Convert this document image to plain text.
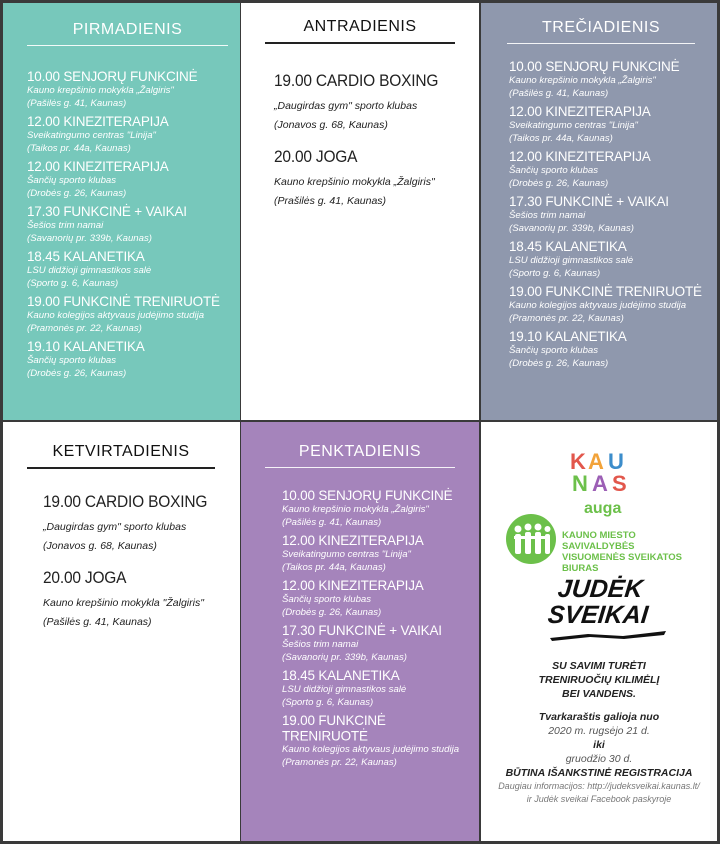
PIRMADIENIS
10.00 SENJORŲ FUNKCINĖ
Kauno krepšinio mokykla „Žalgiris"
(Pašilės g. 41, Kaunas)
12.00 KINEZITERAPIJA
Sveikatingumo centras "Linija"
(Taikos pr. 44a, Kaunas)
12.00 KINEZITERAPIJA
Šančių sporto klubas
(Drobės g. 26, Kaunas)
17.30 FUNKCINĖ + VAIKAI
Šešios trim namai
(Savanorių pr. 339b, Kaunas)
18.45 KALANETIKA
LSU didžioji gimnastikos salė
(Sporto g. 6, Kaunas)
19.00 FUNKCINĖ TRENIRUOTĖ
Kauno kolegijos aktyvaus judėjimo studija
(Pramonės pr. 22, Kaunas)
19.10 KALANETIKA
Šančių sporto klubas
(Drobės g. 26, Kaunas)
ANTRADIENIS
19.00 CARDIO BOXING
„Daugirdas gym" sporto klubas
(Jonavos g. 68, Kaunas)
20.00 JOGA
Kauno krepšinio mokykla „Žalgiris"
(Prašilės g. 41, Kaunas)
TREČIADIENIS
10.00 SENJORŲ FUNKCINĖ
Kauno krepšinio mokykla „Žalgiris"
(Pašilės g. 41, Kaunas)
12.00 KINEZITERAPIJA
Sveikatingumo centras "Linija"
(Taikos pr. 44a, Kaunas)
12.00 KINEZITERAPIJA
Šančių sporto klubas
(Drobės g. 26, Kaunas)
17.30 FUNKCINĖ + VAIKAI
Šešios trim namai
(Savanorių pr. 339b, Kaunas)
18.45 KALANETIKA
LSU didžioji gimnastikos salė
(Sporto g. 6, Kaunas)
19.00 FUNKCINĖ TRENIRUOTĖ
Kauno kolegijos aktyvaus judėjimo studija
(Pramonės pr. 22, Kaunas)
19.10 KALANETIKA
Šančių sporto klubas
(Drobės g. 26, Kaunas)
KETVIRTADIENIS
19.00 CARDIO BOXING
„Daugirdas gym" sporto klubas
(Jonavos g. 68, Kaunas)
20.00 JOGA
Kauno krepšinio mokykla "Žalgiris"
(Pašilės g. 41, Kaunas)
PENKTADIENIS
10.00 SENJORŲ FUNKCINĖ
Kauno krepšinio mokykla „Žalgiris"
(Pašilės g. 41, Kaunas)
12.00 KINEZITERAPIJA
Sveikatingumo centras "Linija"
(Taikos pr. 44a, Kaunas)
12.00 KINEZITERAPIJA
Šančių sporto klubas
(Drobės g. 26, Kaunas)
17.30 FUNKCINĖ + VAIKAI
Šešios trim namai
(Savanorių pr. 339b, Kaunas)
18.45 KALANETIKA
LSU didžioji gimnastikos salė
(Sporto g. 6, Kaunas)
19.00 FUNKCINĖ TRENIRUOTĖ
Kauno kolegijos aktyvaus judėjimo studija
(Pramonės pr. 22, Kaunas)
K A U
N A S
auga
KAUNO MIESTO SAVIVALDYBĖS
VISUOMENĖS SVEIKATOS BIURAS
JUDĖK
SVEIKAI
SU SAVIMI TURĖTI
TRENIRUOČIŲ KILIMĖLĮ
BEI VANDENS.
Tvarkaraštis galioja nuo
2020 m. rugsėjo 21 d.
iki
gruodžio 30 d.
BŪTINA IŠANKSTINĖ REGISTRACIJA
Daugiau informacijos: http://judeksveikai.kaunas.lt/
ir Judėk sveikai Facebook paskyroje
